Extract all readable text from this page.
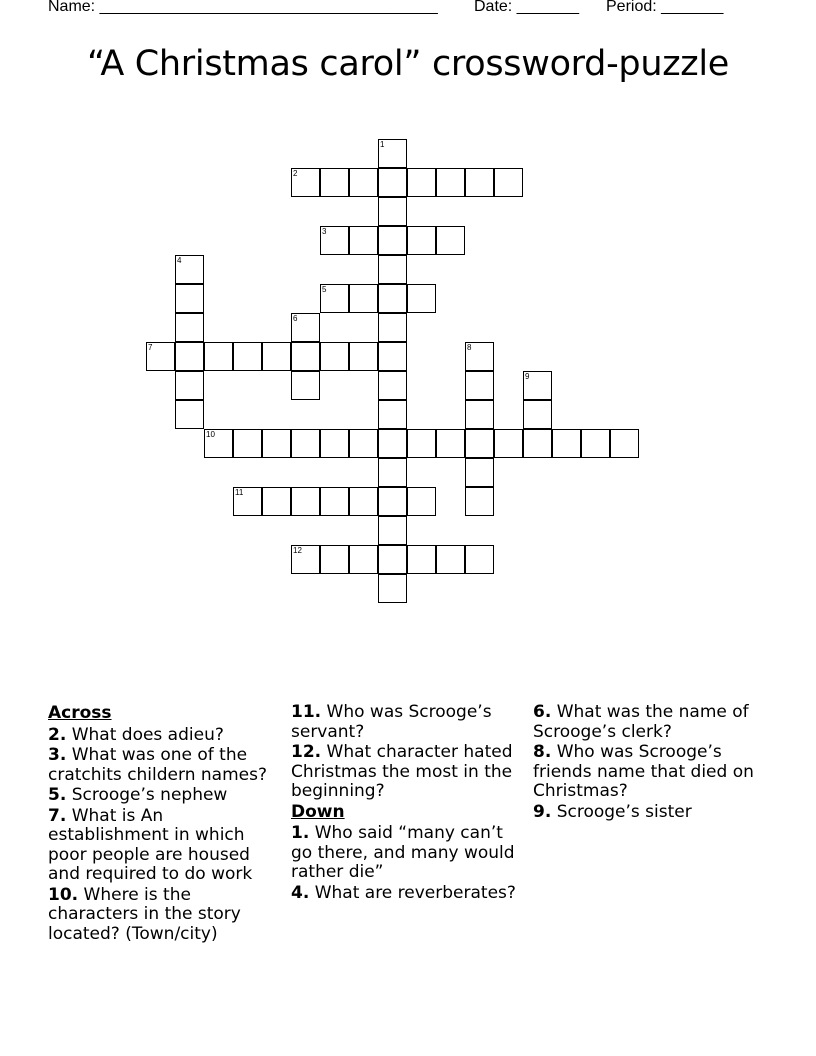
Name: ______________________________________ Date: _______ Period: _______
“A Christmas carol” crossword-puzzle
1
2
3
4
5
6
7	8
9
10
11
12
Across
2. What does adieu?
3. What was one of the cratchits childern names?
5. Scrooge’s nephew
7. What is An establishment in which poor people are housed and required to do work
10. Where is the characters in the story located? (Town/city)
11. Who was Scrooge’s servant?
12. What character hated Christmas the most in the beginning?
Down
1. Who said “many can’t go there, and many would rather die”
4. What are reverberates?
6. What was the name of Scrooge’s clerk?
8. Who was Scrooge’s friends name that died on Christmas?
9. Scrooge’s sister
